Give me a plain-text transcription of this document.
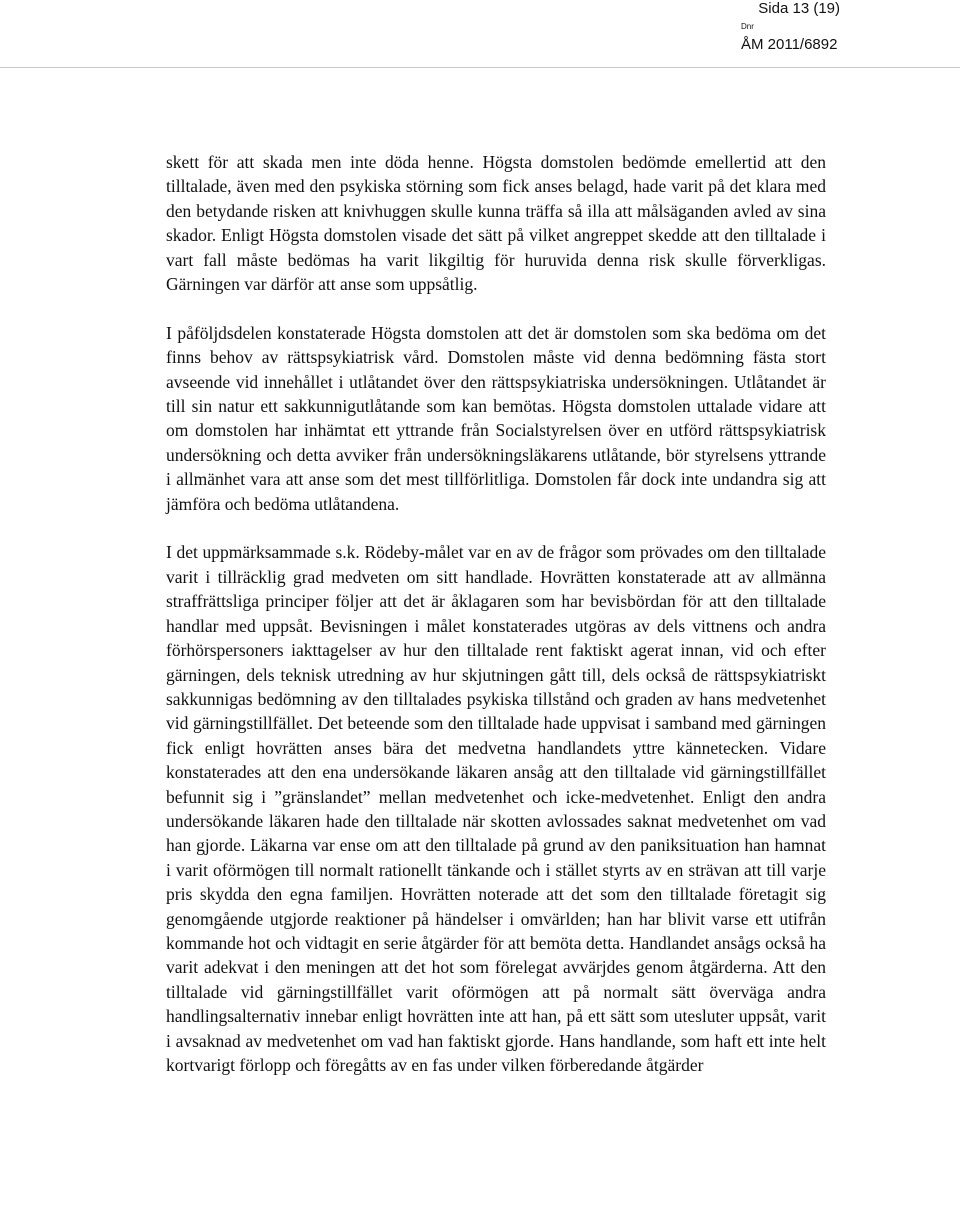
Sida 13 (19)
Dnr
ÅM 2011/6892

skett för att skada men inte döda henne. Högsta domstolen bedömde emellertid att den tilltalade, även med den psykiska störning som fick anses belagd, hade varit på det klara med den betydande risken att knivhuggen skulle kunna träffa så illa att målsäganden avled av sina skador. Enligt Högsta domstolen visade det sätt på vilket angreppet skedde att den tilltalade i vart fall måste bedömas ha varit likgiltig för huruvida denna risk skulle förverkligas. Gärningen var därför att anse som uppsåtlig.

I påföljdsdelen konstaterade Högsta domstolen att det är domstolen som ska bedöma om det finns behov av rättspsykiatrisk vård. Domstolen måste vid denna bedömning fästa stort avseende vid innehållet i utlåtandet över den rättspsykiatriska undersökningen. Utlåtandet är till sin natur ett sakkunnigutlåtande som kan bemötas. Högsta domstolen uttalade vidare att om domstolen har inhämtat ett yttrande från Socialstyrelsen över en utförd rättspsykiatrisk undersökning och detta avviker från undersökningsläkarens utlåtande, bör styrelsens yttrande i allmänhet vara att anse som det mest tillförlitliga. Domstolen får dock inte undandra sig att jämföra och bedöma utlåtandena.

I det uppmärksammade s.k. Rödeby-målet var en av de frågor som prövades om den tilltalade varit i tillräcklig grad medveten om sitt handlade. Hovrätten konstaterade att av allmänna straffrättsliga principer följer att det är åklagaren som har bevisbördan för att den tilltalade handlar med uppsåt. Bevisningen i målet konstaterades utgöras av dels vittnens och andra förhörspersoners iakttagelser av hur den tilltalade rent faktiskt agerat innan, vid och efter gärningen, dels teknisk utredning av hur skjutningen gått till, dels också de rättspsykiatriskt sakkunnigas bedömning av den tilltalades psykiska tillstånd och graden av hans medvetenhet vid gärningstillfället. Det beteende som den tilltalade hade uppvisat i samband med gärningen fick enligt hovrätten anses bära det medvetna handlandets yttre kännetecken. Vidare konstaterades att den ena undersökande läkaren ansåg att den tilltalade vid gärningstillfället befunnit sig i ”gränslandet” mellan medvetenhet och icke-medvetenhet. Enligt den andra undersökande läkaren hade den tilltalade när skotten avlossades saknat medvetenhet om vad han gjorde. Läkarna var ense om att den tilltalade på grund av den paniksituation han hamnat i varit oförmögen till normalt rationellt tänkande och i stället styrts av en strävan att till varje pris skydda den egna familjen. Hovrätten noterade att det som den tilltalade företagit sig genomgående utgjorde reaktioner på händelser i omvärlden; han har blivit varse ett utifrån kommande hot och vidtagit en serie åtgärder för att bemöta detta. Handlandet ansågs också ha varit adekvat i den meningen att det hot som förelegat avvärjdes genom åtgärderna. Att den tilltalade vid gärningstillfället varit oförmögen att på normalt sätt överväga andra handlingsalternativ innebar enligt hovrätten inte att han, på ett sätt som utesluter uppsåt, varit i avsaknad av medvetenhet om vad han faktiskt gjorde. Hans handlande, som haft ett inte helt kortvarigt förlopp och föregåtts av en fas under vilken förberedande åtgärder
